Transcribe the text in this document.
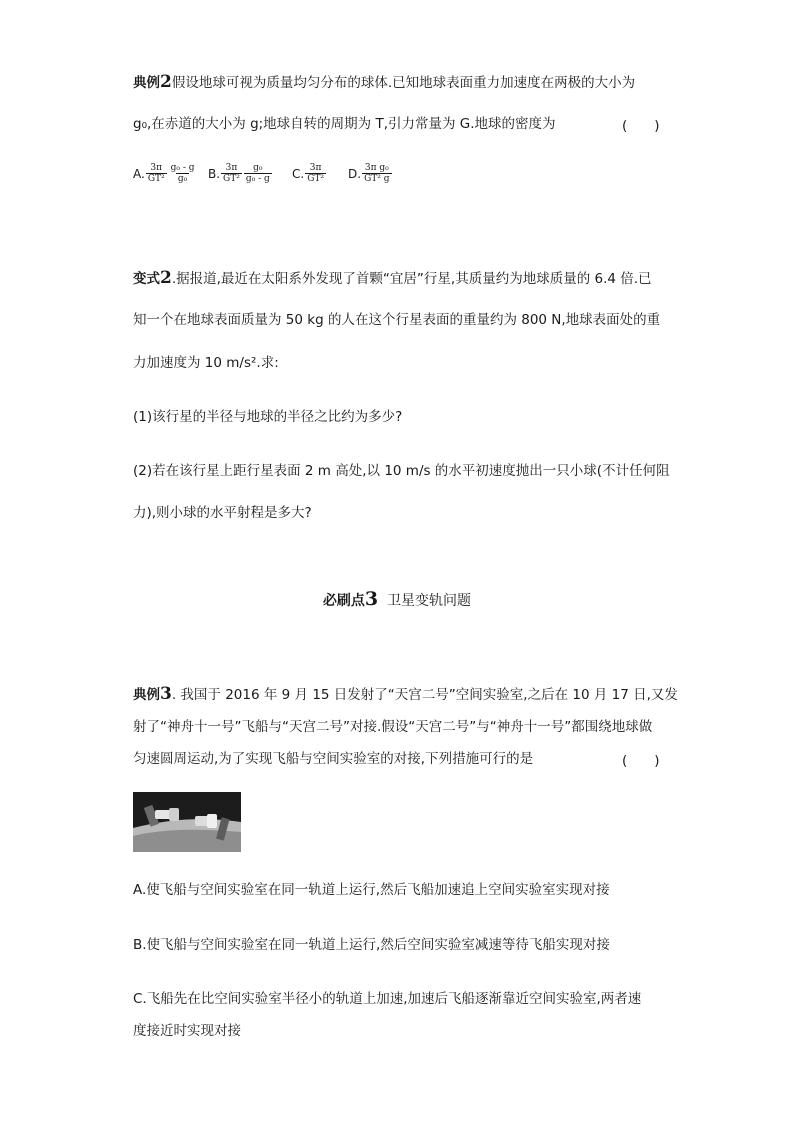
典例2假设地球可视为质量均匀分布的球体.已知地球表面重力加速度在两极的大小为
g₀,在赤道的大小为 g;地球自转的周期为 T,引力常量为 G.地球的密度为	(　　)
A. $\frac{3\pi}{\text{GT²}} \frac{\text{g₀ - g}}{\text{g₀}} B$. $\frac{3\pi}{\text{GT²}} \frac{\text{g₀}}{\text{g₀ - g}} C$. $\frac{3\pi}{\text{GT²}} D$. $\frac{\text{3π g₀}}{\text{GT² g}}$
变式2.据报道,最近在太阳系外发现了首颗“宜居”行星,其质量约为地球质量的 6.4 倍.已
知一个在地球表面质量为 50 kg 的人在这个行星表面的重量约为 800 N,地球表面处的重
力加速度为 10 m/s².求:
(1)该行星的半径与地球的半径之比约为多少?
(2)若在该行星上距行星表面 2 m 高处,以 10 m/s 的水平初速度抛出一只小球(不计任何阻
力),则小球的水平射程是多大?
必刷点3 卫星变轨问题
典例3. 我国于 2016 年 9 月 15 日发射了“天宫二号”空间实验室,之后在 10 月 17 日,又发
射了“神舟十一号”飞船与“天宫二号”对接.假设“天宫二号”与“神舟十一号”都围绕地球做
匀速圆周运动,为了实现飞船与空间实验室的对接,下列措施可行的是	(　　)
A.使飞船与空间实验室在同一轨道上运行,然后飞船加速追上空间实验室实现对接
B.使飞船与空间实验室在同一轨道上运行,然后空间实验室减速等待飞船实现对接
C.飞船先在比空间实验室半径小的轨道上加速,加速后飞船逐渐靠近空间实验室,两者速
度接近时实现对接
